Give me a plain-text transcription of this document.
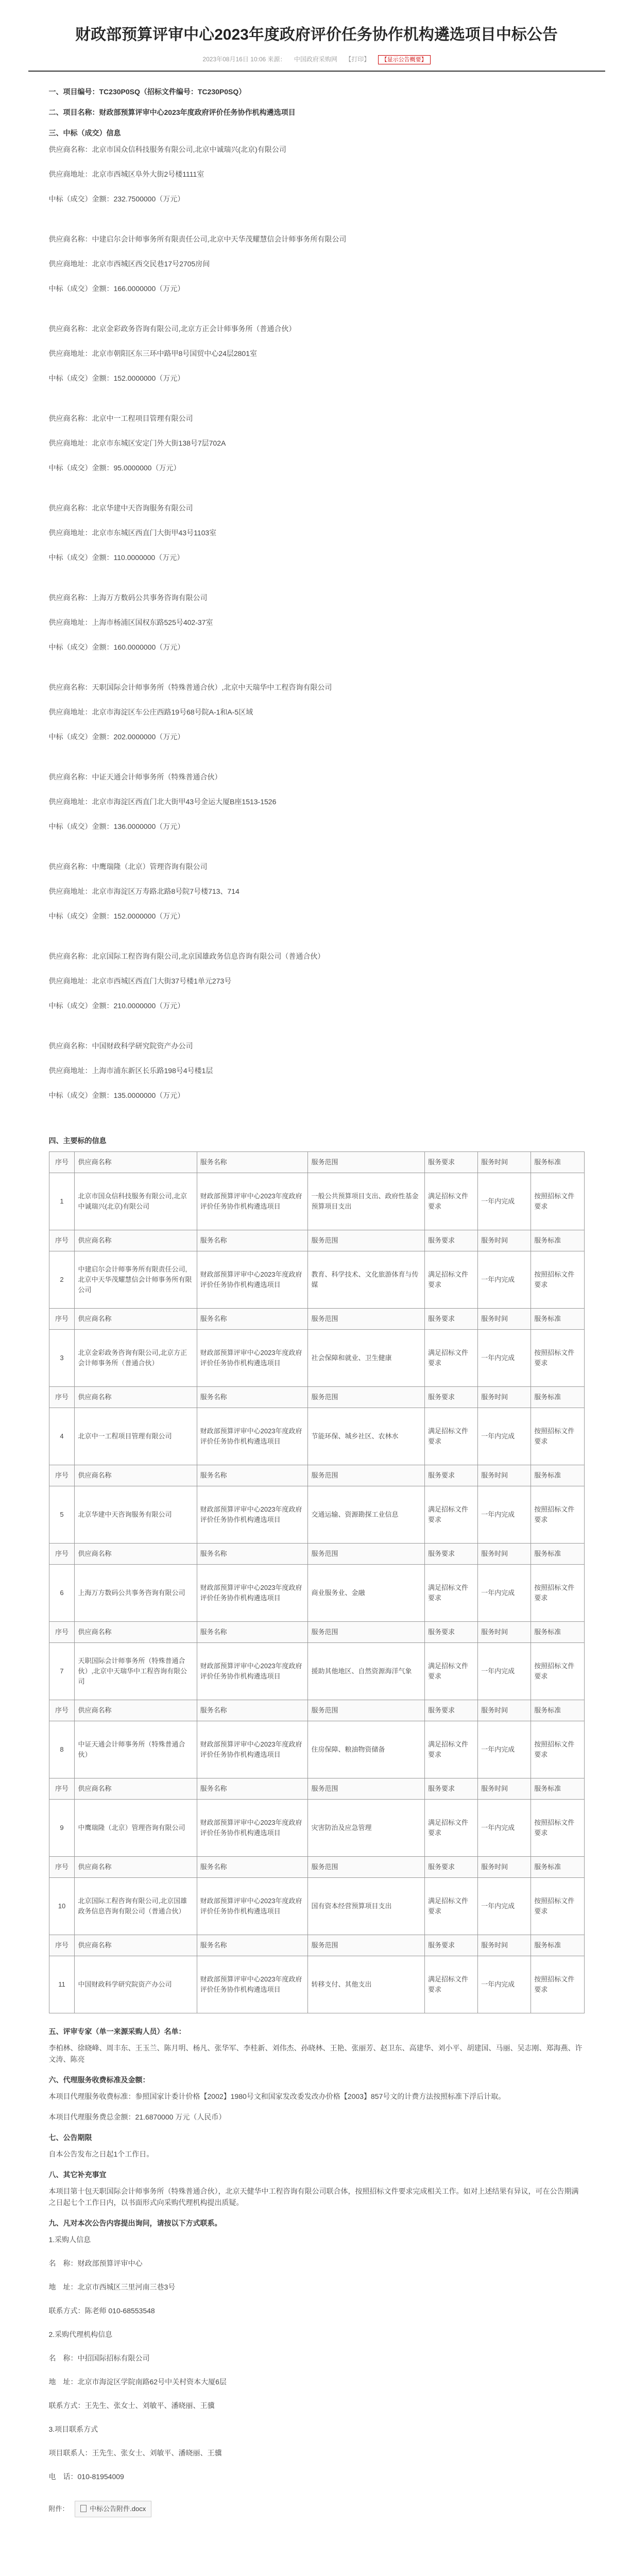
财政部预算评审中心2023年度政府评价任务协作机构遴选项目中标公告
2023年08月16日 10:06 来源： 中国政府采购网 【打印】 【显示公告概要】
一、项目编号：TC230P0SQ（招标文件编号：TC230P0SQ）
二、项目名称：财政部预算评审中心2023年度政府评价任务协作机构遴选项目
三、中标（成交）信息
供应商名称：北京市国众信科技服务有限公司,北京中诚瑞兴(北京)有限公司
供应商地址：北京市西城区阜外大街2号楼1111室
中标（成交）金额：232.7500000（万元）
供应商名称：中建启尔会计师事务所有限责任公司,北京中天华茂耀慧信会计师事务所有限公司
供应商地址：北京市西城区西交民巷17号2705房间
中标（成交）金额：166.0000000（万元）
供应商名称：北京金彩政务咨询有限公司,北京方正会计师事务所（普通合伙）
供应商地址：北京市朝阳区东三环中路甲8号国贸中心24层2801室
中标（成交）金额：152.0000000（万元）
供应商名称：北京中一工程项目管理有限公司
供应商地址：北京市东城区安定门外大街138号7层702A
中标（成交）金额：95.0000000（万元）
供应商名称：北京华建中天咨询服务有限公司
供应商地址：北京市东城区西直门大街甲43号1103室
中标（成交）金额：110.0000000（万元）
供应商名称：上海万方数码公共事务咨询有限公司
供应商地址：上海市杨浦区国权东路525号402-37室
中标（成交）金额：160.0000000（万元）
供应商名称：天职国际会计师事务所（特殊普通合伙）,北京中天瑞华中工程咨询有限公司
供应商地址：北京市海淀区车公庄西路19号68号院A-1和A-5区域
中标（成交）金额：202.0000000（万元）
供应商名称：中证天通会计师事务所（特殊普通合伙）
供应商地址：北京市海淀区西直门北大街甲43号金运大厦B座1513-1526
中标（成交）金额：136.0000000（万元）
供应商名称：中鹰瑞隆（北京）管理咨询有限公司
供应商地址：北京市海淀区万寿路北路8号院7号楼713、714
中标（成交）金额：152.0000000（万元）
供应商名称：北京国际工程咨询有限公司,北京国雄政务信息咨询有限公司（普通合伙）
供应商地址：北京市西城区西直门大街37号楼1单元273号
中标（成交）金额：210.0000000（万元）
供应商名称：中国财政科学研究院资产办公司
供应商地址：上海市浦东新区长乐路198号4号楼1层
中标（成交）金额：135.0000000（万元）
四、主要标的信息
序号	供应商名称	服务名称	服务范围	服务要求	服务时间	服务标准
1	北京市国众信科技服务有限公司,北京中诚瑞兴(北京)有限公司	财政部预算评审中心2023年度政府评价任务协作机构遴选项目	一般公共预算项目支出、政府性基金预算项目支出	满足招标文件要求	一年内完成	按照招标文件要求
序号	供应商名称	服务名称	服务范围	服务要求	服务时间	服务标准
2	中建启尔会计师事务所有限责任公司,北京中天华茂耀慧信会计师事务所有限公司	财政部预算评审中心2023年度政府评价任务协作机构遴选项目	教育、科学技术、文化旅游体育与传媒	满足招标文件要求	一年内完成	按照招标文件要求
序号	供应商名称	服务名称	服务范围	服务要求	服务时间	服务标准
3	北京金彩政务咨询有限公司,北京方正会计师事务所（普通合伙）	财政部预算评审中心2023年度政府评价任务协作机构遴选项目	社会保障和就业、卫生健康	满足招标文件要求	一年内完成	按照招标文件要求
序号	供应商名称	服务名称	服务范围	服务要求	服务时间	服务标准
4	北京中一工程项目管理有限公司	财政部预算评审中心2023年度政府评价任务协作机构遴选项目	节能环保、城乡社区、农林水	满足招标文件要求	一年内完成	按照招标文件要求
序号	供应商名称	服务名称	服务范围	服务要求	服务时间	服务标准
5	北京华建中天咨询服务有限公司	财政部预算评审中心2023年度政府评价任务协作机构遴选项目	交通运输、资源勘探工业信息	满足招标文件要求	一年内完成	按照招标文件要求
序号	供应商名称	服务名称	服务范围	服务要求	服务时间	服务标准
6	上海万方数码公共事务咨询有限公司	财政部预算评审中心2023年度政府评价任务协作机构遴选项目	商业服务业、金融	满足招标文件要求	一年内完成	按照招标文件要求
序号	供应商名称	服务名称	服务范围	服务要求	服务时间	服务标准
7	天职国际会计师事务所（特殊普通合伙）,北京中天瑞华中工程咨询有限公司	财政部预算评审中心2023年度政府评价任务协作机构遴选项目	援助其他地区、自然资源海洋气象	满足招标文件要求	一年内完成	按照招标文件要求
序号	供应商名称	服务名称	服务范围	服务要求	服务时间	服务标准
8	中证天通会计师事务所（特殊普通合伙）	财政部预算评审中心2023年度政府评价任务协作机构遴选项目	住房保障、粮油物资储备	满足招标文件要求	一年内完成	按照招标文件要求
序号	供应商名称	服务名称	服务范围	服务要求	服务时间	服务标准
9	中鹰瑞隆（北京）管理咨询有限公司	财政部预算评审中心2023年度政府评价任务协作机构遴选项目	灾害防治及应急管理	满足招标文件要求	一年内完成	按照招标文件要求
序号	供应商名称	服务名称	服务范围	服务要求	服务时间	服务标准
10	北京国际工程咨询有限公司,北京国雄政务信息咨询有限公司（普通合伙）	财政部预算评审中心2023年度政府评价任务协作机构遴选项目	国有资本经营预算项目支出	满足招标文件要求	一年内完成	按照招标文件要求
序号	供应商名称	服务名称	服务范围	服务要求	服务时间	服务标准
11	中国财政科学研究院资产办公司	财政部预算评审中心2023年度政府评价任务协作机构遴选项目	转移支付、其他支出	满足招标文件要求	一年内完成	按照招标文件要求
五、评审专家（单一来源采购人员）名单：
李柏林、徐晓峰、周丰东、王玉兰、陈月明、杨凡、张华军、李桂新、刘伟杰、孙晓林、王艳、张丽芳、赵卫东、高建华、刘小平、胡建国、马丽、吴志刚、郑海燕、许文涛、陈亮
六、代理服务收费标准及金额：
本项目代理服务收费标准：参照国家计委计价格【2002】1980号文和国家发改委发改办价格【2003】857号文的计费方法按照标准下浮后计取。
本项目代理服务费总金额：21.6870000 万元（人民币）
七、公告期限
自本公告发布之日起1个工作日。
八、其它补充事宜
本项目第十包天职国际会计师事务所（特殊普通合伙），北京天健华中工程咨询有限公司联合体，按照招标文件要求完成相关工作。如对上述结果有异议，可在公告期满之日起七个工作日内，以书面形式向采购代理机构提出质疑。
九、凡对本次公告内容提出询问，请按以下方式联系。
1.采购人信息
名　称：财政部预算评审中心
地　址：北京市西城区三里河南三巷3号
联系方式：陈老师 010-68553548
2.采购代理机构信息
名　称：中招国际招标有限公司
地　址：北京市海淀区学院南路62号中关村资本大厦6层
联系方式：王先生、张女士、刘敏平、潘晓丽、王骥
3.项目联系方式
项目联系人：王先生、张女士、刘敏平、潘晓丽、王骥
电　话：010-81954009
附件：	中标公告附件.docx
